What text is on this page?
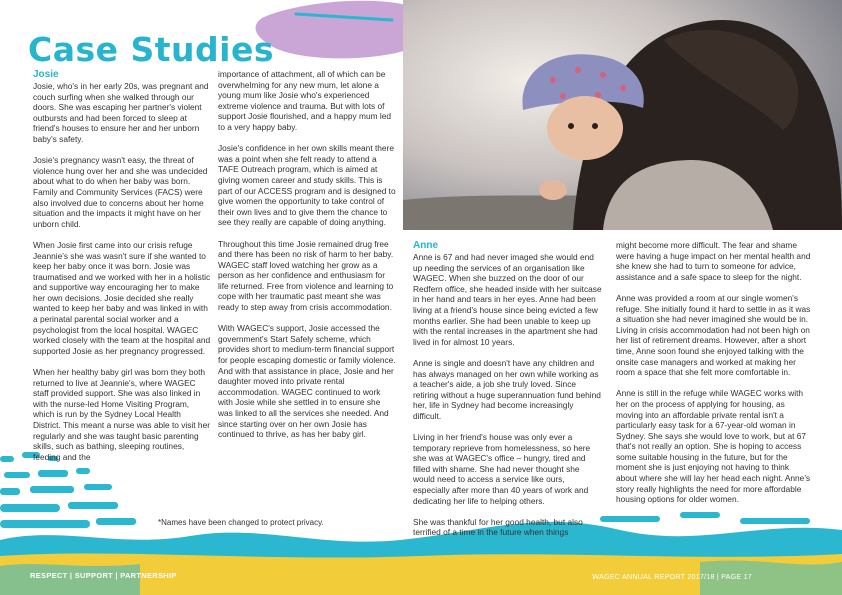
Case Studies
Josie

Josie, who's in her early 20s, was pregnant and couch surfing when she walked through our doors. She was escaping her partner's violent outbursts and had been forced to sleep at friend's houses to ensure her and her unborn baby's safety.

Josie's pregnancy wasn't easy, the threat of violence hung over her and she was undecided about what to do when her baby was born. Family and Community Services (FACS) were also involved due to concerns about her home situation and the impacts it might have on her unborn child.

When Josie first came into our crisis refuge Jeannie's she was wasn't sure if she wanted to keep her baby once it was born. Josie was traumatised and we worked with her in a holistic and supportive way encouraging her to make her own decisions. Josie decided she really wanted to keep her baby and was linked in with a perinatal parental social worker and a psychologist from the local hospital. WAGEC worked closely with the team at the hospital and supported Josie as her pregnancy progressed.

When her healthy baby girl was born they both returned to live at Jeannie's, where WAGEC staff provided support. She was also linked in with the nurse-led Home Visiting Program, which is run by the Sydney Local Health District. This meant a nurse was able to visit her regularly and she was taught basic parenting skills, such as bathing, sleeping routines, feeding and the

importance of attachment, all of which can be overwhelming for any new mum, let alone a young mum like Josie who's experienced extreme violence and trauma. But with lots of support Josie flourished, and a happy mum led to a very happy baby.

Josie's confidence in her own skills meant there was a point when she felt ready to attend a TAFE Outreach program, which is aimed at giving women career and study skills. This is part of our ACCESS program and is designed to give women the opportunity to take control of their own lives and to give them the chance to see they really are capable of doing anything.

Throughout this time Josie remained drug free and there has been no risk of harm to her baby. WAGEC staff loved watching her grow as a person as her confidence and enthusiasm for life returned. Free from violence and learning to cope with her traumatic past meant she was ready to step away from crisis accommodation.

With WAGEC's support, Josie accessed the government's Start Safely scheme, which provides short to medium-term financial support for people escaping domestic or family violence. And with that assistance in place, Josie and her daughter moved into private rental accommodation. WAGEC continued to work with Josie while she settled in to ensure she was linked to all the services she needed. And since starting over on her own Josie has continued to thrive, as has her baby girl.

Anne

Anne is 67 and had never imaged she would end up needing the services of an organisation like WAGEC. When she buzzed on the door of our Redfern office, she headed inside with her suitcase in her hand and tears in her eyes. Anne had been living at a friend's house since being evicted a few months earlier. She had been unable to keep up with the rental increases in the apartment she had lived in for almost 10 years.

Anne is single and doesn't have any children and has always managed on her own while working as a teacher's aide, a job she truly loved. Since retiring without a huge superannuation fund behind her, life in Sydney had become increasingly difficult.

Living in her friend's house was only ever a temporary reprieve from homelessness, so here she was at WAGEC's office – hungry, tired and filled with shame. She had never thought she would need to access a service like ours, especially after more than 40 years of work and dedicating her life to helping others.

She was thankful for her good health, but also terrified of a time in the future when things

might become more difficult. The fear and shame were having a huge impact on her mental health and she knew she had to turn to someone for advice, assistance and a safe space to sleep for the night.

Anne was provided a room at our single women's refuge. She initially found it hard to settle in as it was a situation she had never imagined she would be in. Living in crisis accommodation had not been high on her list of retirement dreams. However, after a short time, Anne soon found she enjoyed talking with the onsite case managers and worked at making her room a space that she felt more comfortable in.

Anne is still in the refuge while WAGEC works with her on the process of applying for housing, as moving into an affordable private rental isn't a particularly easy task for a 67-year-old woman in Sydney. She says she would love to work, but at 67 that's not really an option. She is hoping to access some suitable housing in the future, but for the moment she is just enjoying not having to think about where she will lay her head each night. Anne's story really highlights the need for more affordable housing options for older women.

*Names have been changed to protect privacy.
RESPECT | SUPPORT | PARTNERSHIP	WAGEC ANNUAL REPORT 2017/18 | PAGE 17
